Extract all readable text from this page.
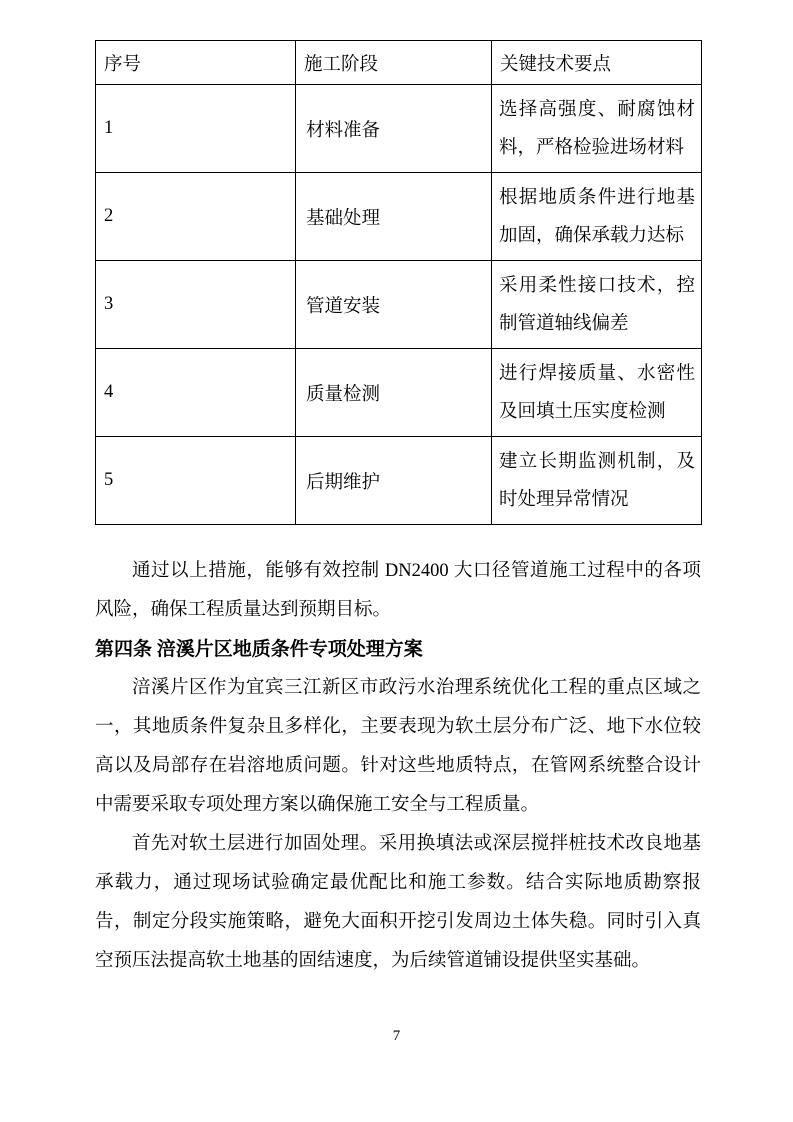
序号	施工阶段	关键技术要点
1	材料准备	选择高强度、耐腐蚀材料，严格检验进场材料
2	基础处理	根据地质条件进行地基加固，确保承载力达标
3	管道安装	采用柔性接口技术，控制管道轴线偏差
4	质量检测	进行焊接质量、水密性及回填土压实度检测
5	后期维护	建立长期监测机制，及时处理异常情况

通过以上措施，能够有效控制 DN2400 大口径管道施工过程中的各项风险，确保工程质量达到预期目标。

第四条 涪溪片区地质条件专项处理方案

涪溪片区作为宜宾三江新区市政污水治理系统优化工程的重点区域之一，其地质条件复杂且多样化，主要表现为软土层分布广泛、地下水位较高以及局部存在岩溶地质问题。针对这些地质特点，在管网系统整合设计中需要采取专项处理方案以确保施工安全与工程质量。

首先对软土层进行加固处理。采用换填法或深层搅拌桩技术改良地基承载力，通过现场试验确定最优配比和施工参数。结合实际地质勘察报告，制定分段实施策略，避免大面积开挖引发周边土体失稳。同时引入真空预压法提高软土地基的固结速度，为后续管道铺设提供坚实基础。

7
